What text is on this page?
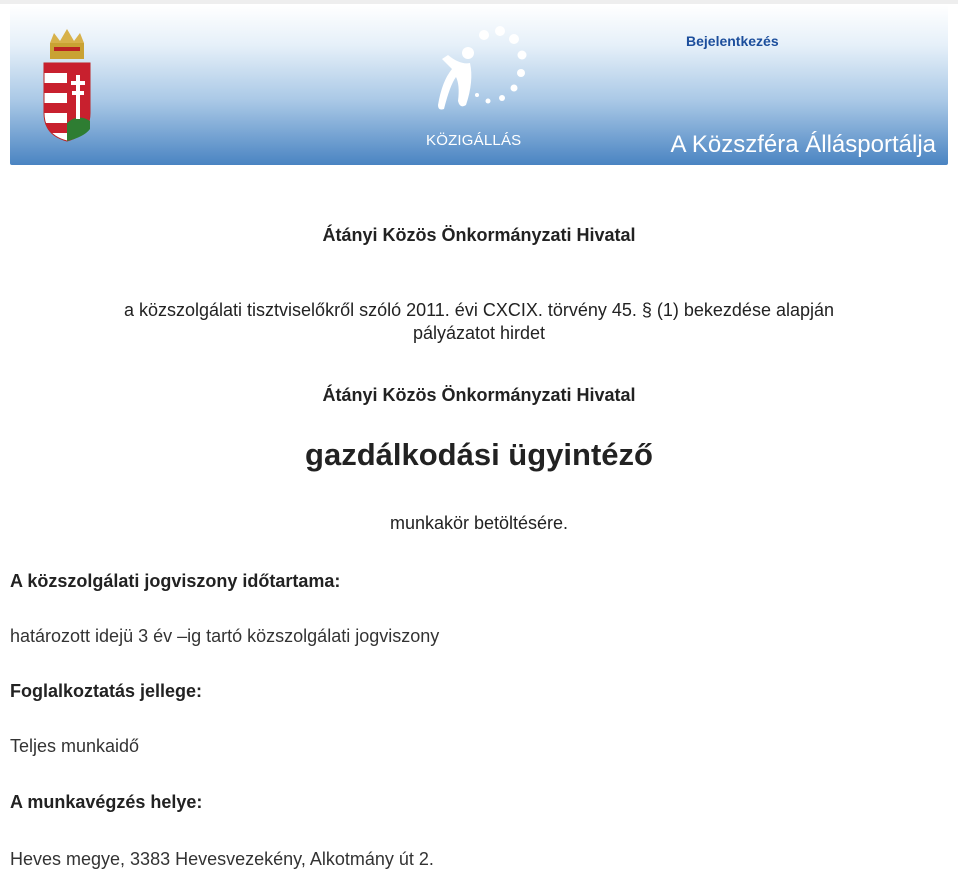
KÖZIGÁLLÁS
Bejelentkezés
A Közszféra Állásportálja
Átányi Közös Önkormányzati Hivatal
a közszolgálati tisztviselőkről szóló 2011. évi CXCIX. törvény 45. § (1) bekezdése alapján
pályázatot hirdet
Átányi Közös Önkormányzati Hivatal
gazdálkodási ügyintéző
munkakör betöltésére.
A közszolgálati jogviszony időtartama:
határozott idejü 3 év –ig tartó közszolgálati jogviszony
Foglalkoztatás jellege:
Teljes munkaidő
A munkavégzés helye:
Heves megye, 3383 Hevesvezekény, Alkotmány út 2.
